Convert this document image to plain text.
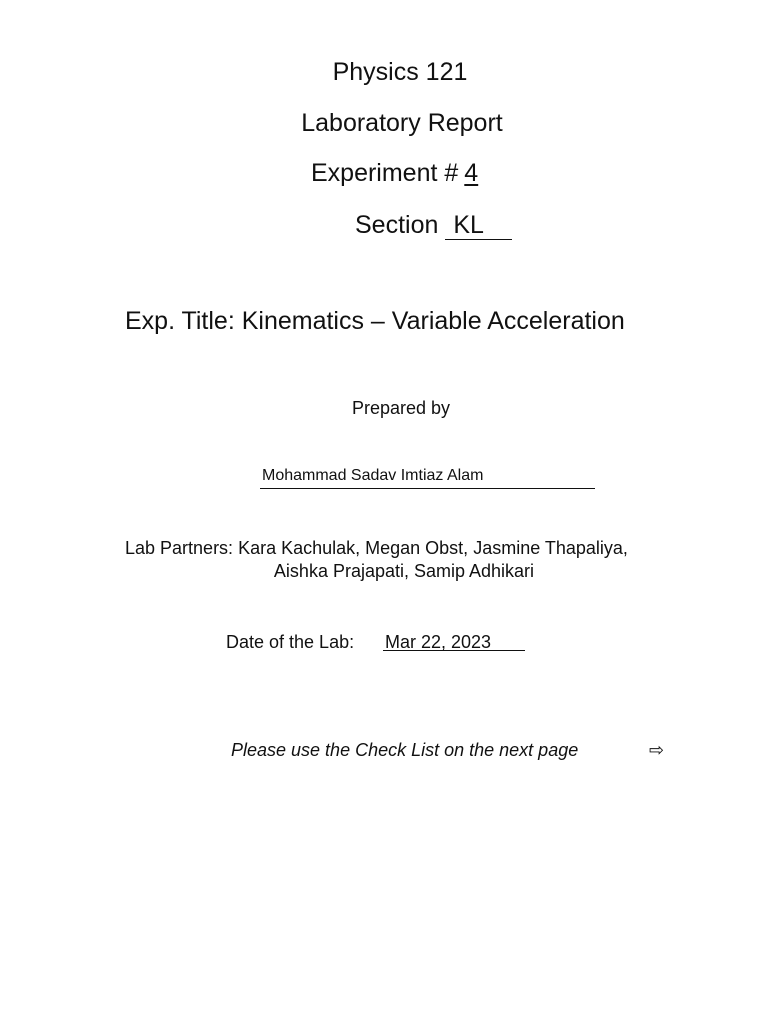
Physics 121
Laboratory Report
Experiment # 4
Section KL
Exp. Title: Kinematics – Variable Acceleration
Prepared by
Mohammad Sadav Imtiaz Alam
Lab Partners: Kara Kachulak, Megan Obst, Jasmine Thapaliya,
Aishka Prajapati, Samip Adhikari
Date of the Lab: Mar 22, 2023
Please use the Check List on the next page	⇨
